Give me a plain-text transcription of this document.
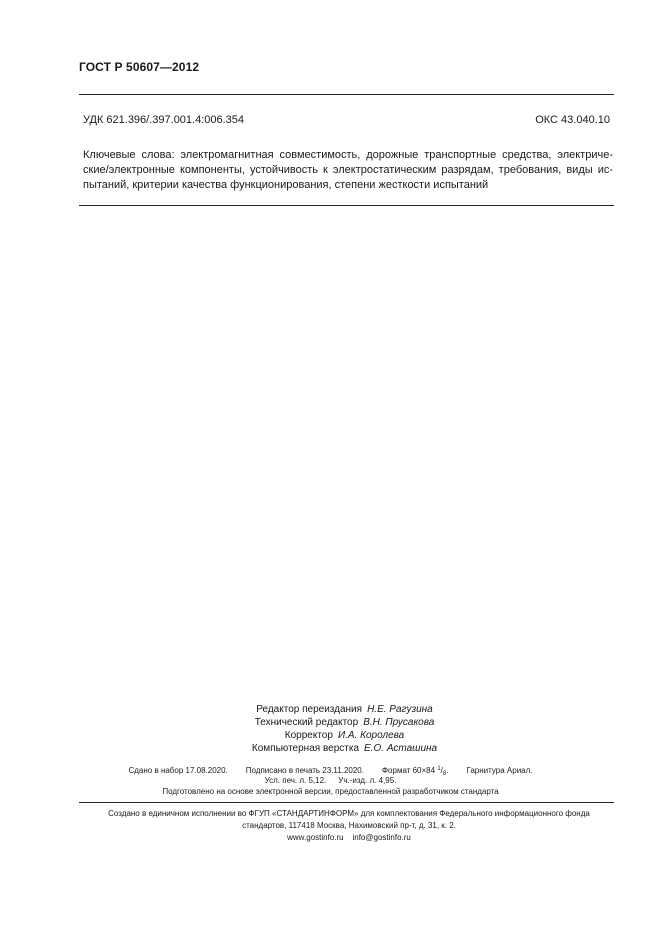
ГОСТ Р 50607—2012
УДК 621.396/.397.001.4:006.354	ОКС 43.040.10
Ключевые слова: электромагнитная совместимость, дорожные транспортные средства, электриче-
ские/электронные компоненты, устойчивость к электростатическим разрядам, требования, виды ис-
пытаний, критерии качества функционирования, степени жесткости испытаний
Редактор переиздания Н.Е. Рагузина
Технический редактор В.Н. Прусакова
Корректор И.А. Королева
Компьютерная верстка Е.О. Асташина
Сдано в набор 17.08.2020. Подписано в печать 23.11.2020. Формат 60×84 $^1/_8$. Гарнитура Ариал.
Усл. печ. л. 5,12. Уч.-изд. л. 4,95.
Подготовлено на основе электронной версии, предоставленной разработчиком стандарта
Создано в единичном исполнении во ФГУП «СТАНДАРТИНФОРМ» для комплектования Федерального информационного фонда
стандартов, 117418 Москва, Нахимовский пр-т, д. 31, к. 2.
www.gostinfo.ru info@gostinfo.ru
